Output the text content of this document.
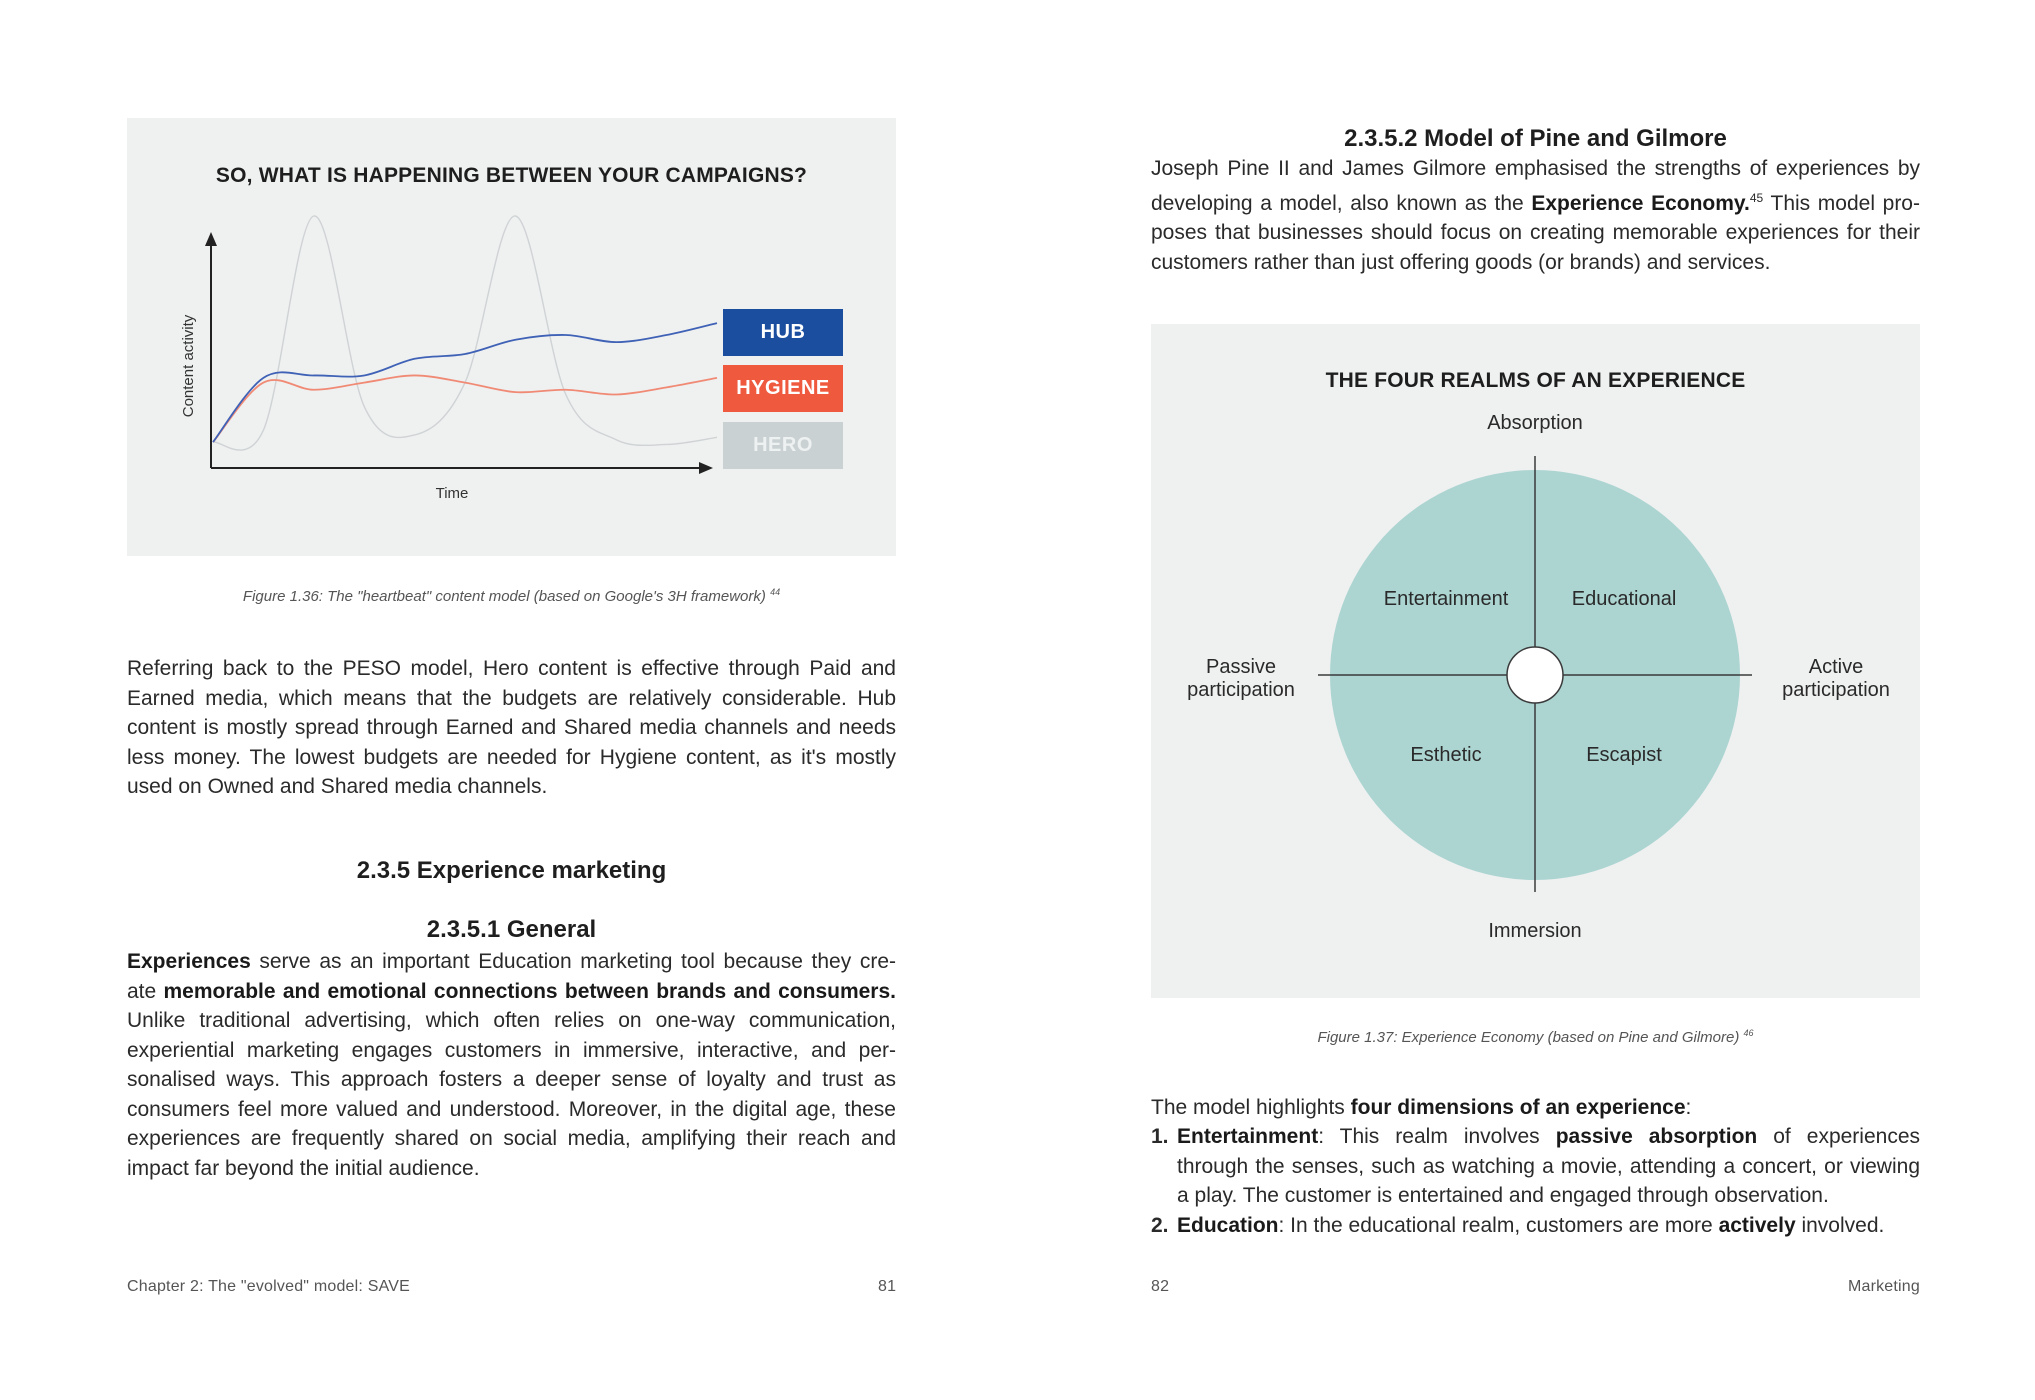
SO, WHAT IS HAPPENING BETWEEN YOUR CAMPAIGNS?
Content activity
Time
HUB
HYGIENE
HERO
Figure 1.36: The "heartbeat" content model (based on Google's 3H framework) $^{44}$

Referring back to the PESO model, Hero content is effective through Paid and Earned media, which means that the budgets are relatively considerable. Hub content is mostly spread through Earned and Shared media channels and needs less money. The lowest budgets are needed for Hygiene content, as it's mostly used on Owned and Shared media channels.

2.3.5 Experience marketing
2.3.5.1 General

Experiences serve as an important Education marketing tool because they cre-ate memorable and emotional connections between brands and consumers. Unlike traditional advertising, which often relies on one-way communication, experiential marketing engages customers in immersive, interactive, and per-sonalised ways. This approach fosters a deeper sense of loyalty and trust as consumers feel more valued and understood. Moreover, in the digital age, these experiences are frequently shared on social media, amplifying their reach and impact far beyond the initial audience.

Chapter 2: The "evolved" model: SAVE	81
2.3.5.2 Model of Pine and Gilmore

Joseph Pine II and James Gilmore emphasised the strengths of experiences by developing a model, also known as the Experience Economy.$^{45}$ This model pro-poses that businesses should focus on creating memorable experiences for their customers rather than just offering goods (or brands) and services.

THE FOUR REALMS OF AN EXPERIENCE
Absorption
Immersion
Passive
participation
Active
participation
Entertainment	Educational
Esthetic	Escapist
Figure 1.37: Experience Economy (based on Pine and Gilmore) $^{46}$

The model highlights four dimensions of an experience:

1. Entertainment: This realm involves passive absorption of experiences through the senses, such as watching a movie, attending a concert, or viewing a play. The customer is entertained and engaged through observation.
2. Education: In the educational realm, customers are more actively involved.
82	Marketing
